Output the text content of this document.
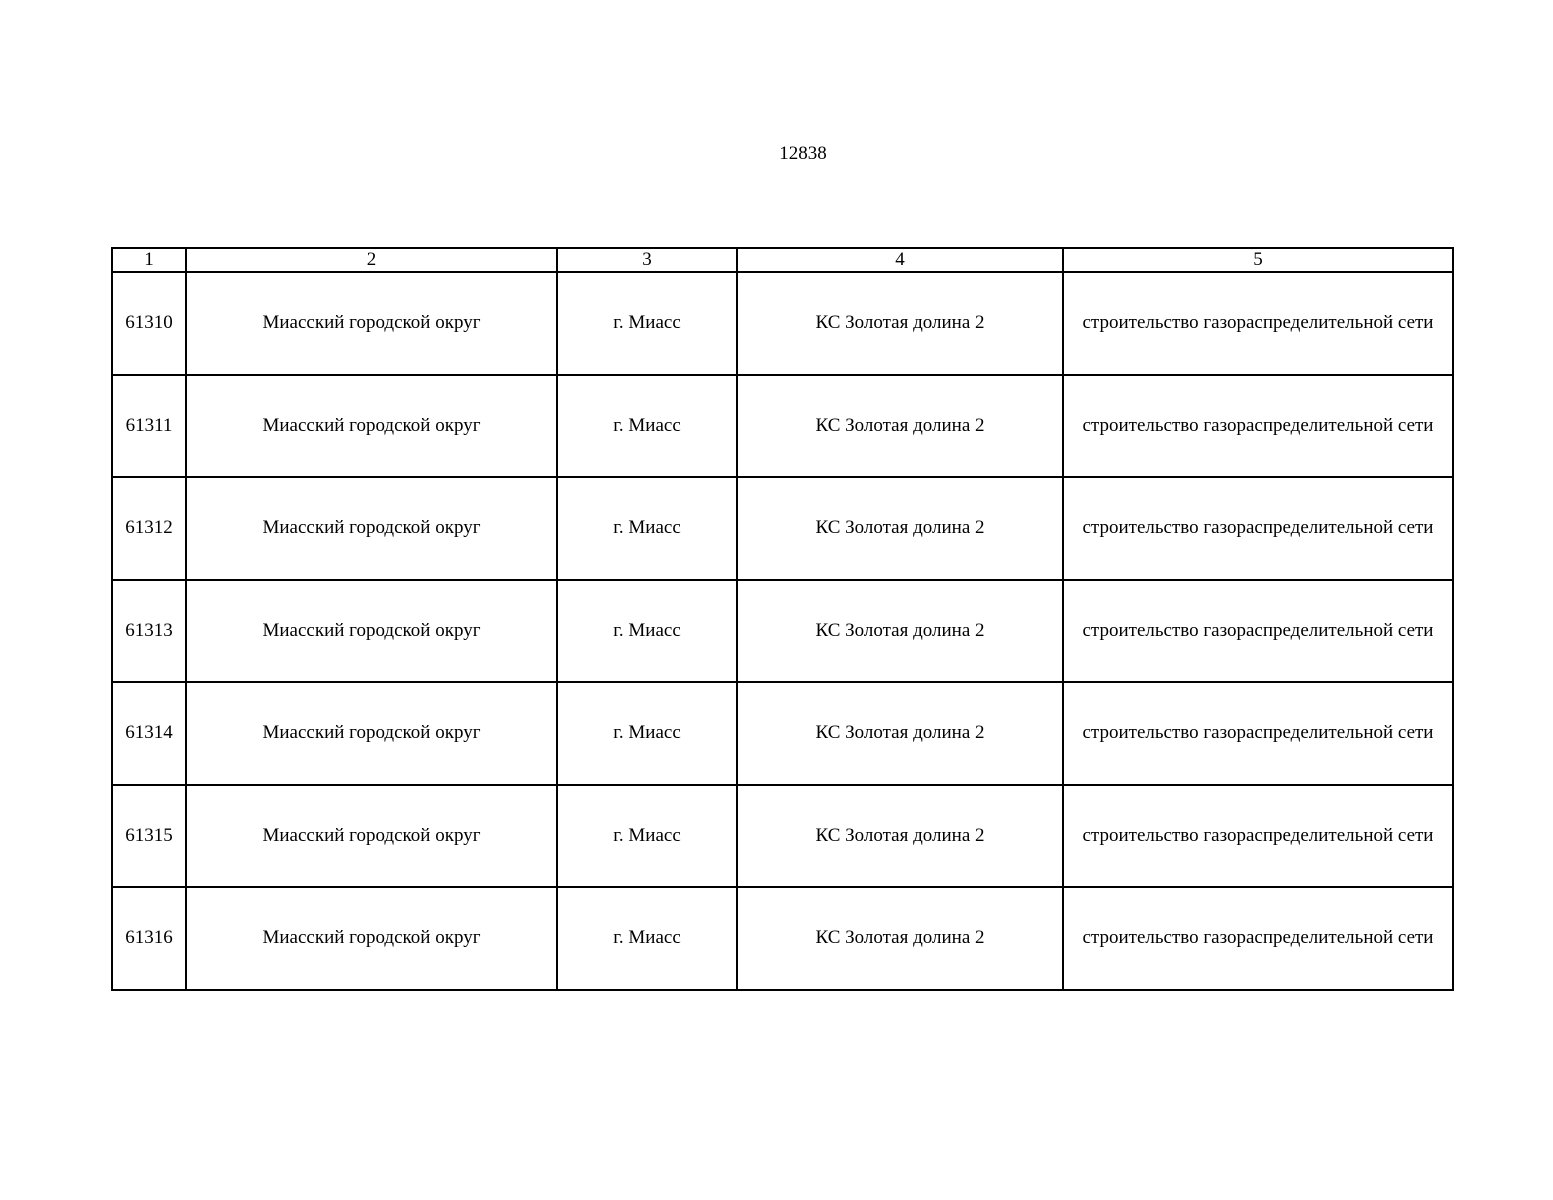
12838
1	2	3	4	5
61310	Миасский городской округ	г. Миасс	КС Золотая долина 2	строительство газораспределительной сети
61311	Миасский городской округ	г. Миасс	КС Золотая долина 2	строительство газораспределительной сети
61312	Миасский городской округ	г. Миасс	КС Золотая долина 2	строительство газораспределительной сети
61313	Миасский городской округ	г. Миасс	КС Золотая долина 2	строительство газораспределительной сети
61314	Миасский городской округ	г. Миасс	КС Золотая долина 2	строительство газораспределительной сети
61315	Миасский городской округ	г. Миасс	КС Золотая долина 2	строительство газораспределительной сети
61316	Миасский городской округ	г. Миасс	КС Золотая долина 2	строительство газораспределительной сети
